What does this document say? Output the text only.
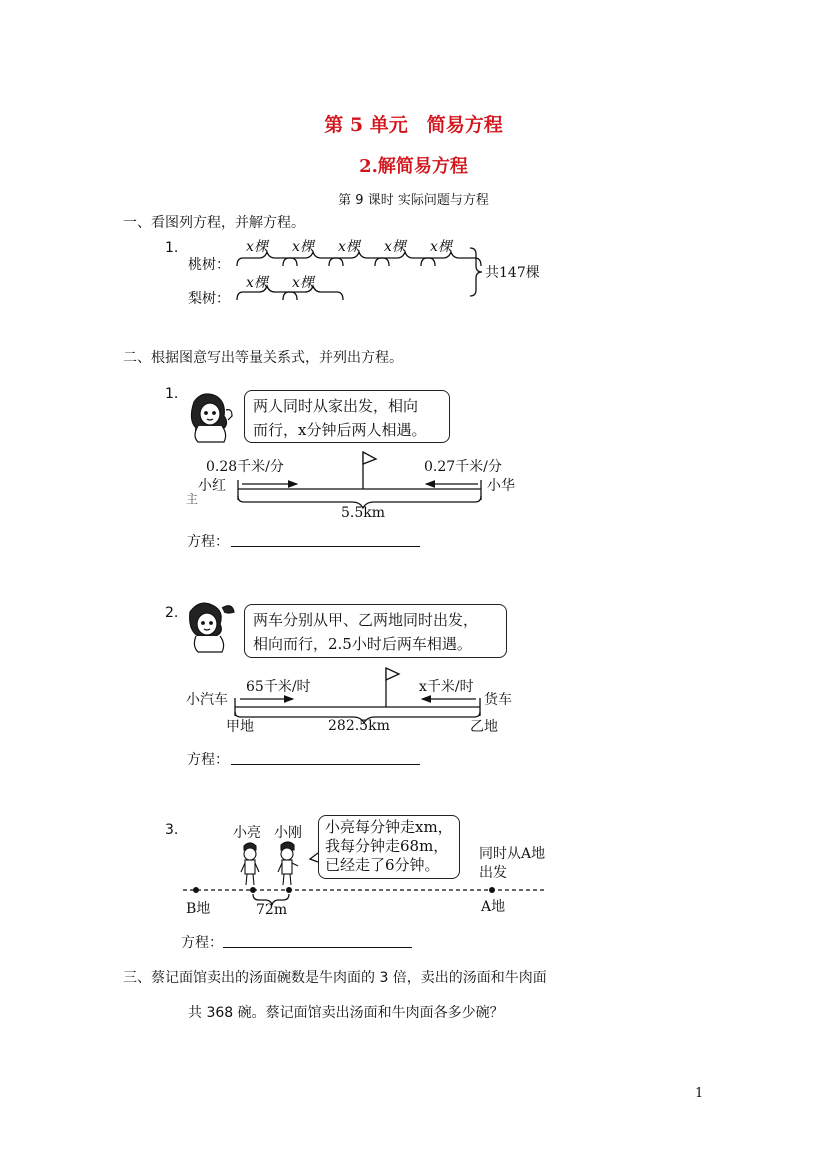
第 5 单元　简易方程
2.解简易方程
第 9 课时 实际问题与方程
一、看图列方程，并解方程。
1.
桃树：
梨树：
x棵 x棵 x棵 x棵 x棵
x棵 x棵
共147棵
二、根据图意写出等量关系式，并列出方程。
1.
两人同时从家出发，相向
而行，x分钟后两人相遇。
0.28千米/分	0.27千米/分
小红	小华
主
5.5km
方程：
2.	两车分别从甲、乙两地同时出发，
相向而行，2.5小时后两车相遇。
65千米/时	x千米/时
小汽车	货车
甲地	乙地
282.5km
方程：
3.	小亮 小刚 小亮每分钟走xm，
我每分钟走68m，
已经走了6分钟。
同时从A地
出发
B地	A地
72m
方程：
三、蔡记面馆卖出的汤面碗数是牛肉面的 3 倍，卖出的汤面和牛肉面
共 368 碗。蔡记面馆卖出汤面和牛肉面各多少碗？
1
